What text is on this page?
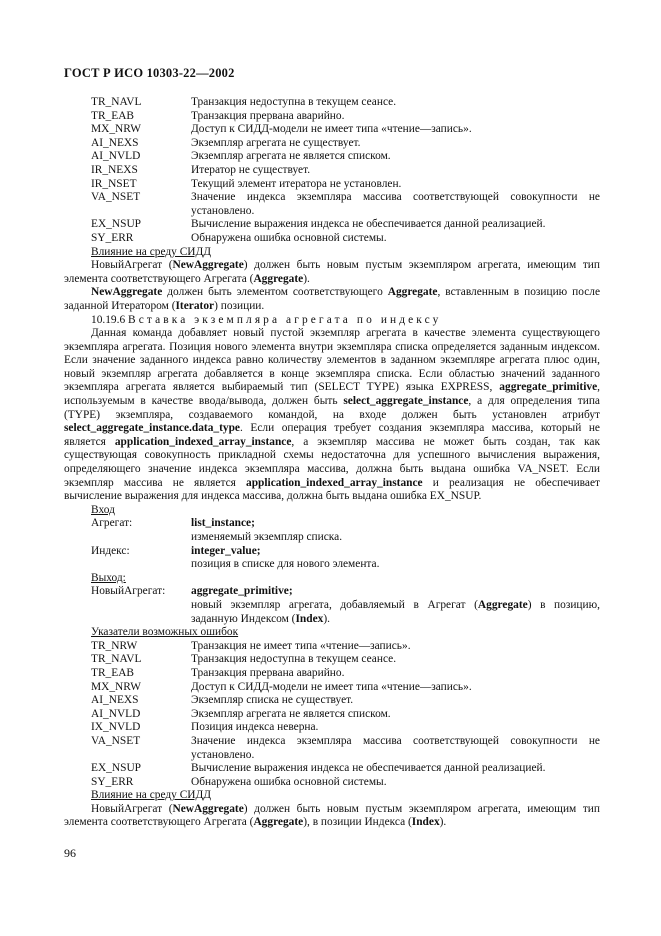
ГОСТ Р ИСО 10303-22—2002
TR_NAVL	Транзакция недоступна в текущем сеансе.
TR_EAB	Транзакция прервана аварийно.
MX_NRW	Доступ к СИДД-модели не имеет типа «чтение—запись».
AI_NEXS	Экземпляр агрегата не существует.
AI_NVLD	Экземпляр агрегата не является списком.
IR_NEXS	Итератор не существует.
IR_NSET	Текущий элемент итератора не установлен.
VA_NSET	Значение индекса экземпляра массива соответствующей совокупности не установлено.
EX_NSUP	Вычисление выражения индекса не обеспечивается данной реализацией.
SY_ERR	Обнаружена ошибка основной системы.
Влияние на среду СИДД

НовыйАгрегат (NewAggregate) должен быть новым пустым экземпляром агрегата, имеющим тип элемента соответствующего Агрегата (Aggregate).

NewAggregate должен быть элементом соответствующего Aggregate, вставленным в позицию после заданной Итератором (Iterator) позиции.

10.19.6 Вставка экземпляра агрегата по индексу

Данная команда добавляет новый пустой экземпляр агрегата в качестве элемента существующего экземпляра агрегата. Позиция нового элемента внутри экземпляра списка определяется заданным индексом. Если значение заданного индекса равно количеству элементов в заданном экземпляре агрегата плюс один, новый экземпляр агрегата добавляется в конце экземпляра списка. Если областью значений заданного экземпляра агрегата является выбираемый тип (SELECT TYPE) языка EXPRESS, aggregate_primitive, используемым в качестве ввода/вывода, должен быть select_aggregate_instance, а для определения типа (TYPE) экземпляра, создаваемого командой, на входе должен быть установлен атрибут select_aggregate_instance.data_type. Если операция требует создания экземпляра массива, который не является application_indexed_array_instance, а экземпляр массива не может быть создан, так как существующая совокупность прикладной схемы недостаточна для успешного вычисления выражения, определяющего значение индекса экземпляра массива, должна быть выдана ошибка VA_NSET. Если экземпляр массива не является application_indexed_array_instance и реализация не обеспечивает вычисление выражения для индекса массива, должна быть выдана ошибка EX_NSUP.

Вход
Агрегат:	list_instance;
изменяемый экземпляр списка.
Индекс:	integer_value;
позиция в списке для нового элемента.
Выход:
НовыйАгрегат:	aggregate_primitive;
новый экземпляр агрегата, добавляемый в Агрегат (Aggregate) в позицию, заданную Индексом (Index).
Указатели возможных ошибок
TR_NRW	Транзакция не имеет типа «чтение—запись».
TR_NAVL	Транзакция недоступна в текущем сеансе.
TR_EAB	Транзакция прервана аварийно.
MX_NRW	Доступ к СИДД-модели не имеет типа «чтение—запись».
AI_NEXS	Экземпляр списка не существует.
AI_NVLD	Экземпляр агрегата не является списком.
IX_NVLD	Позиция индекса неверна.
VA_NSET	Значение индекса экземпляра массива соответствующей совокупности не установлено.
EX_NSUP	Вычисление выражения индекса не обеспечивается данной реализацией.
SY_ERR	Обнаружена ошибка основной системы.
Влияние на среду СИДД

НовыйАгрегат (NewAggregate) должен быть новым пустым экземпляром агрегата, имеющим тип элемента соответствующего Агрегата (Aggregate), в позиции Индекса (Index).

96
